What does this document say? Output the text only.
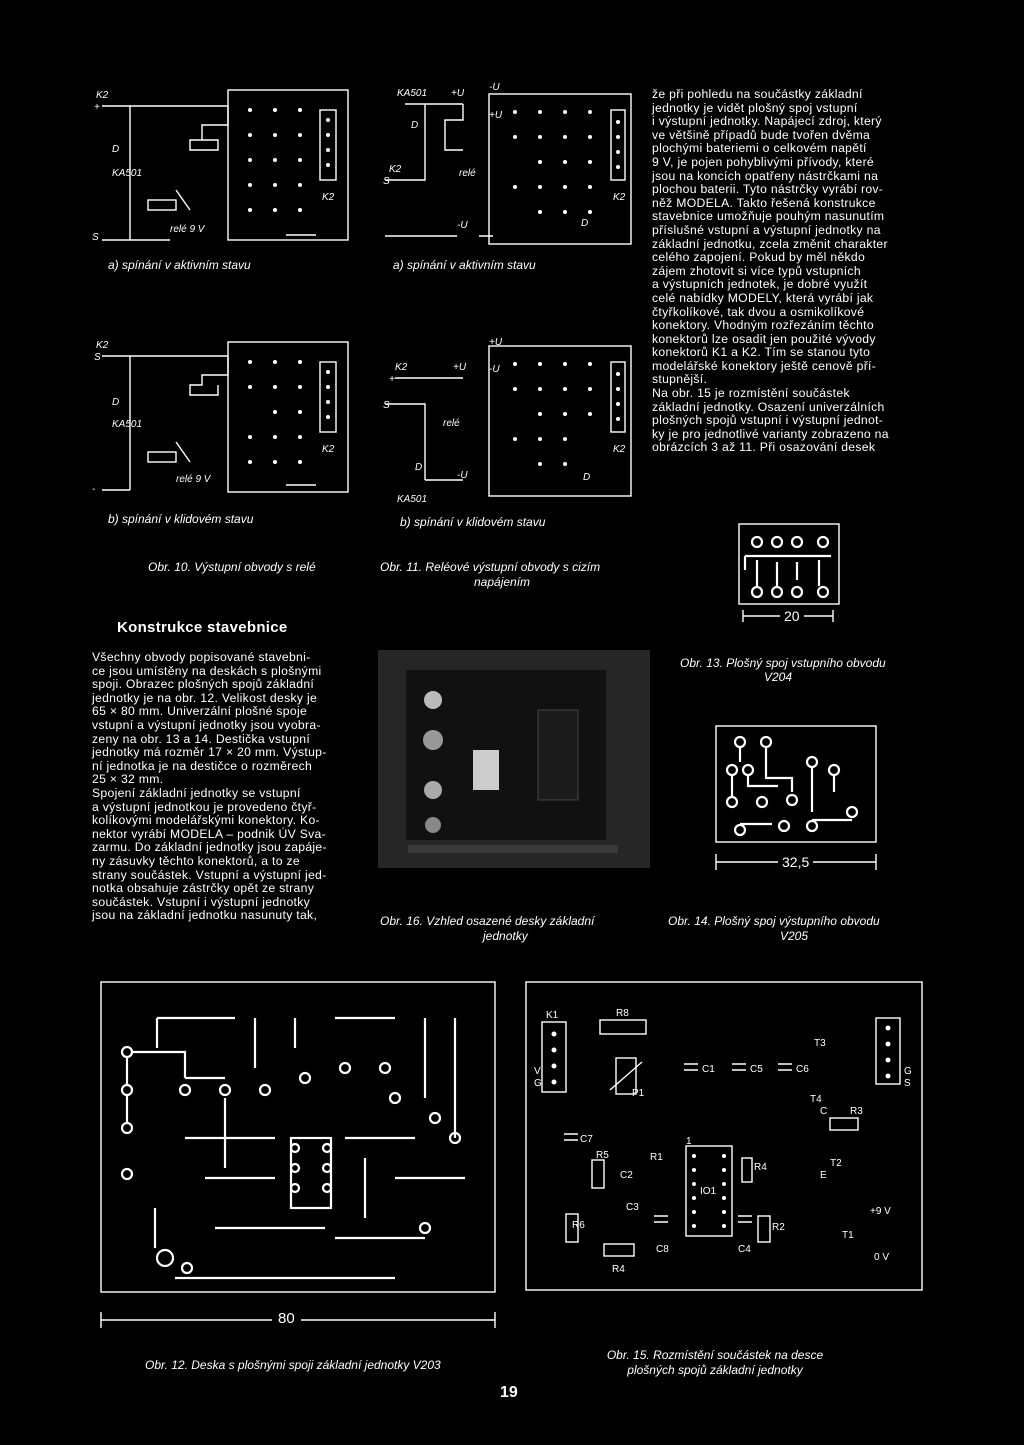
K2
+
K2
D
KA501
S
relé 9 V
K2
S
K2
D
KA501
-
relé 9 V
a) spínání v aktivním stavu
b) spínání v klidovém stavu
Obr. 10. Výstupní obvody s relé
KA501 +U
-U
+U
D
K2
S
relé
-U
K2
D
+U
K2	+U -U
+
S
relé
D
-U
KA501
K2
D
a) spínání v aktivním stavu
b) spínání v klidovém stavu
Obr. 11. Reléové výstupní obvody s cizím
napájením
že při pohledu na součástky základní
jednotky je vidět plošný spoj vstupní
i výstupní jednotky. Napájecí zdroj, který
ve většině případů bude tvořen dvěma
plochými bateriemi o celkovém napětí
9 V, je pojen pohyblivými přívody, které
jsou na koncích opatřeny nástrčkami na
plochou baterii. Tyto nástrčky vyrábí rov-
něž MODELA. Takto řešená konstrukce
stavebnice umožňuje pouhým nasunutím
příslušné vstupní a výstupní jednotky na
základní jednotku, zcela změnit charakter
celého zapojení. Pokud by měl někdo
zájem zhotovit si více typů vstupních
a výstupních jednotek, je dobré využít
celé nabídky MODELY, která vyrábí jak
čtyřkolíkové, tak dvou a osmikolíkové
konektory. Vhodným rozřezáním těchto
konektorů lze osadit jen použité vývody
konektorů K1 a K2. Tím se stanou tyto
modelářské konektory ještě cenově pří-
stupnější.
Na obr. 15 je rozmístění součástek
základní jednotky. Osazení univerzálních
plošných spojů vstupní i výstupní jednot-
ky je pro jednotlivé varianty zobrazeno na
obrázcích 3 až 11. Při osazování desek
20
Obr. 13. Plošný spoj vstupního obvodu
V204
32,5
Obr. 14. Plošný spoj výstupního obvodu
V205
Konstrukce stavebnice
Všechny obvody popisované stavebni-
ce jsou umístěny na deskách s plošnými
spoji. Obrazec plošných spojů základní
jednotky je na obr. 12. Velikost desky je
65 × 80 mm. Univerzální plošné spoje
vstupní a výstupní jednotky jsou vyobra-
zeny na obr. 13 a 14. Destička vstupní
jednotky má rozměr 17 × 20 mm. Výstup-
ní jednotka je na destičce o rozměrech
25 × 32 mm.
Spojení základní jednotky se vstupní
a výstupní jednotkou je provedeno čtyř-
kolíkovými modelářskými konektory. Ko-
nektor vyrábí MODELA – podnik ÚV Sva-
zarmu. Do základní jednotky jsou zapáje-
ny zásuvky těchto konektorů, a to ze
strany součástek. Vstupní a výstupní jed-
notka obsahuje zástrčky opět ze strany
součástek. Vstupní i výstupní jednotky
jsou na základní jednotku nasunuty tak,	Obr. 16. Vzhled osazené desky základní
jednotky
80
Obr. 12. Deska s plošnými spoji základní jednotky V203
K1
V
G
R8
P1
C1	C5	C6
T3
T4
G
S
R3
C
C7
R5	R1
C2
C3
1
IO1
R4	T2
E
R6
C8
R4
C4
R2
T1
+9 V
0 V
Obr. 15. Rozmístění součástek na desce
plošných spojů základní jednotky
19
